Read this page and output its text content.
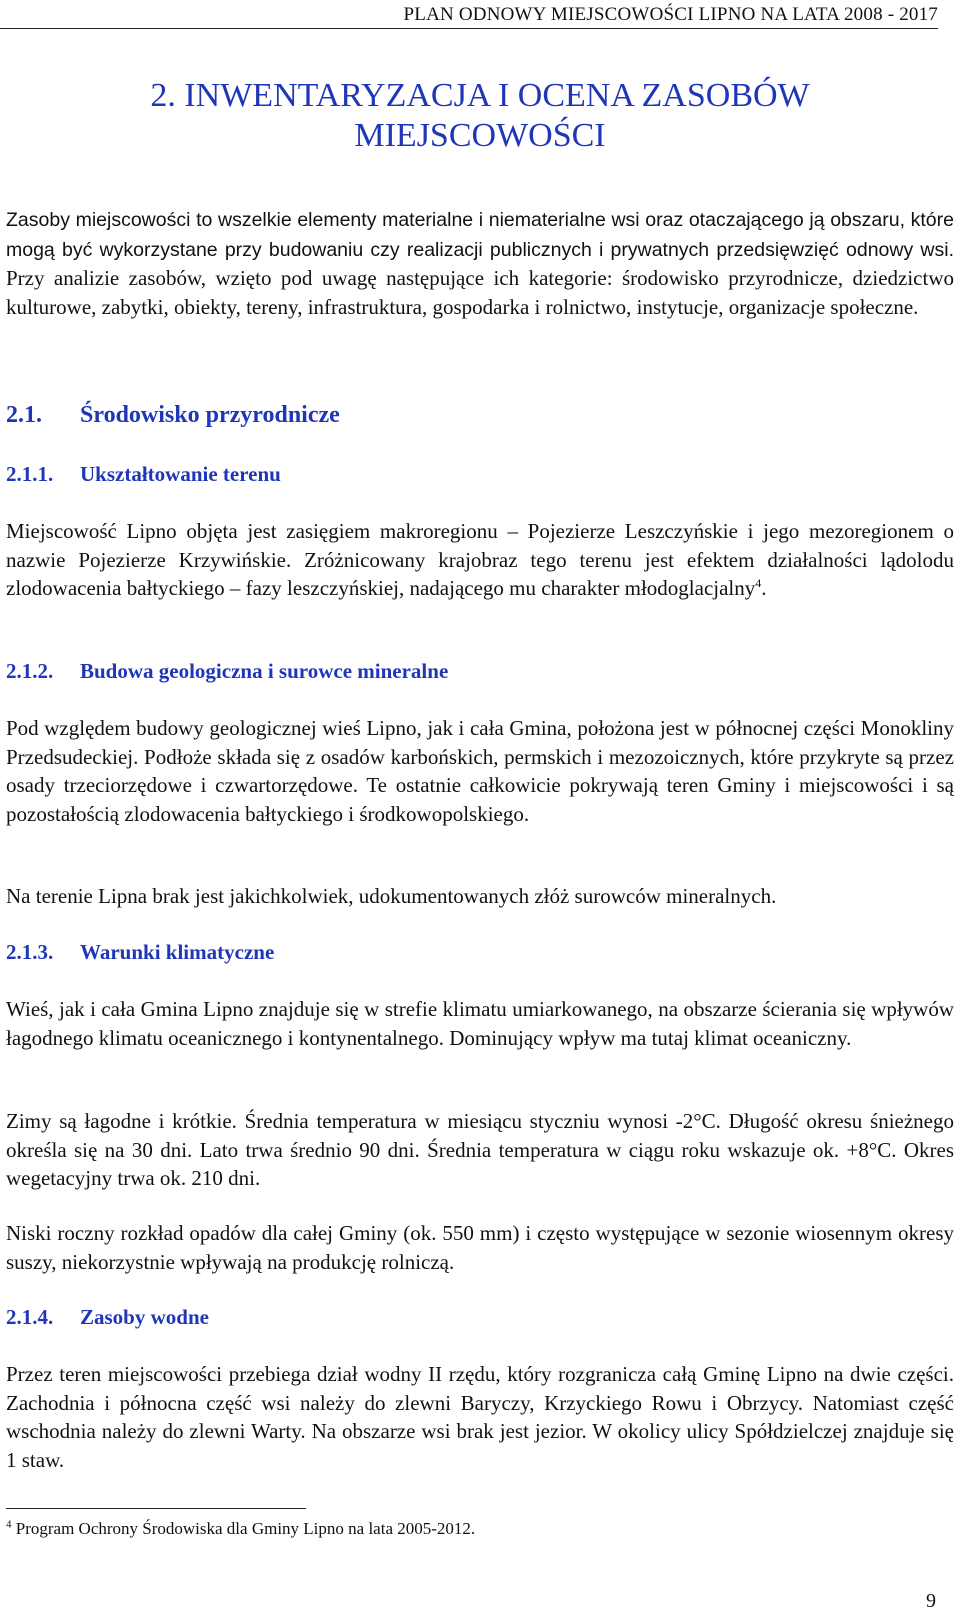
PLAN ODNOWY MIEJSCOWOŚCI LIPNO NA LATA 2008 - 2017
2. INWENTARYZACJA I OCENA ZASOBÓW
MIEJSCOWOŚCI

Zasoby miejscowości to wszelkie elementy materialne i niematerialne wsi oraz otaczającego ją obszaru, które mogą być wykorzystane przy budowaniu czy realizacji publicznych i prywatnych przedsięwzięć odnowy wsi. Przy analizie zasobów, wzięto pod uwagę następujące ich kategorie: środowisko przyrodnicze, dziedzictwo kulturowe, zabytki, obiekty, tereny, infrastruktura, gospodarka i rolnictwo, instytucje, organizacje społeczne.

2.1. Środowisko przyrodnicze
2.1.1. Ukształtowanie terenu

Miejscowość Lipno objęta jest zasięgiem makroregionu – Pojezierze Leszczyńskie i jego mezoregionem o nazwie Pojezierze Krzywińskie. Zróżnicowany krajobraz tego terenu jest efektem działalności lądolodu zlodowacenia bałtyckiego – fazy leszczyńskiej, nadającego mu charakter młodoglacjalny$^4$.

2.1.2. Budowa geologiczna i surowce mineralne

Pod względem budowy geologicznej wieś Lipno, jak i cała Gmina, położona jest w północnej części Monokliny Przedsudeckiej. Podłoże składa się z osadów karbońskich, permskich i mezozoicznych, które przykryte są przez osady trzeciorzędowe i czwartorzędowe. Te ostatnie całkowicie pokrywają teren Gminy i miejscowości i są pozostałością zlodowacenia bałtyckiego i środkowopolskiego.

Na terenie Lipna brak jest jakichkolwiek, udokumentowanych złóż surowców mineralnych.

2.1.3. Warunki klimatyczne

Wieś, jak i cała Gmina Lipno znajduje się w strefie klimatu umiarkowanego, na obszarze ścierania się wpływów łagodnego klimatu oceanicznego i kontynentalnego. Dominujący wpływ ma tutaj klimat oceaniczny.

Zimy są łagodne i krótkie. Średnia temperatura w miesiącu styczniu wynosi -2°C. Długość okresu śnieżnego określa się na 30 dni. Lato trwa średnio 90 dni. Średnia temperatura w ciągu roku wskazuje ok. +8°C. Okres wegetacyjny trwa ok. 210 dni.

Niski roczny rozkład opadów dla całej Gminy (ok. 550 mm) i często występujące w sezonie wiosennym okresy suszy, niekorzystnie wpływają na produkcję rolniczą.

2.1.4. Zasoby wodne

Przez teren miejscowości przebiega dział wodny II rzędu, który rozgranicza całą Gminę Lipno na dwie części. Zachodnia i północna część wsi należy do zlewni Baryczy, Krzyckiego Rowu i Obrzycy. Natomiast część wschodnia należy do zlewni Warty. Na obszarze wsi brak jest jezior. W okolicy ulicy Spółdzielczej znajduje się 1 staw.

$^4$ Program Ochrony Środowiska dla Gminy Lipno na lata 2005-2012.
9
